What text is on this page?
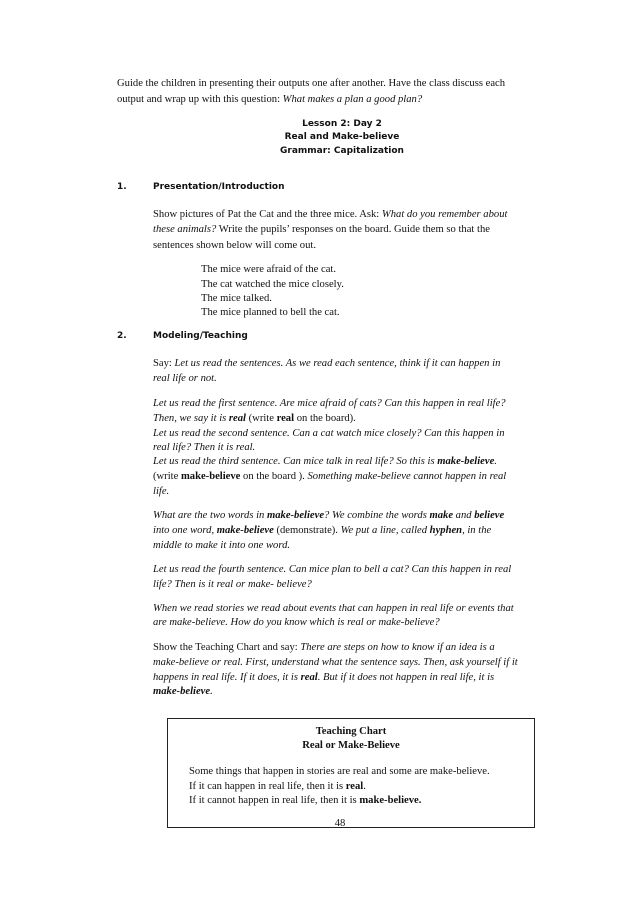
Guide the children in presenting their outputs one after another. Have the class discuss each
output and wrap up with this question: What makes a plan a good plan?
Lesson 2: Day 2
Real and Make-believe
Grammar: Capitalization
1.	Presentation/Introduction
Show pictures of Pat the Cat and the three mice. Ask: What do you remember about
these animals? Write the pupils’ responses on the board. Guide them so that the
sentences shown below will come out.
The mice were afraid of the cat.
The cat watched the mice closely.
The mice talked.
The mice planned to bell the cat.
2.	Modeling/Teaching
Say: Let us read the sentences. As we read each sentence, think if it can happen in
real life or not.
Let us read the first sentence. Are mice afraid of cats? Can this happen in real life?
Then, we say it is real (write real on the board).
Let us read the second sentence. Can a cat watch mice closely? Can this happen in
real life? Then it is real.
Let us read the third sentence. Can mice talk in real life? So this is make-believe.
(write make-believe on the board ). Something make-believe cannot happen in real
life.
What are the two words in make-believe? We combine the words make and believe
into one word, make-believe (demonstrate). We put a line, called hyphen, in the
middle to make it into one word.
Let us read the fourth sentence. Can mice plan to bell a cat? Can this happen in real
life? Then is it real or make- believe?
When we read stories we read about events that can happen in real life or events that
are make-believe. How do you know which is real or make-believe?
Show the Teaching Chart and say: There are steps on how to know if an idea is a
make-believe or real. First, understand what the sentence says. Then, ask yourself if it
happens in real life. If it does, it is real. But if it does not happen in real life, it is
make-believe.
Teaching Chart
Real or Make-Believe
Some things that happen in stories are real and some are make-believe.
If it can happen in real life, then it is real.
If it cannot happen in real life, then it is make-believe.
48
